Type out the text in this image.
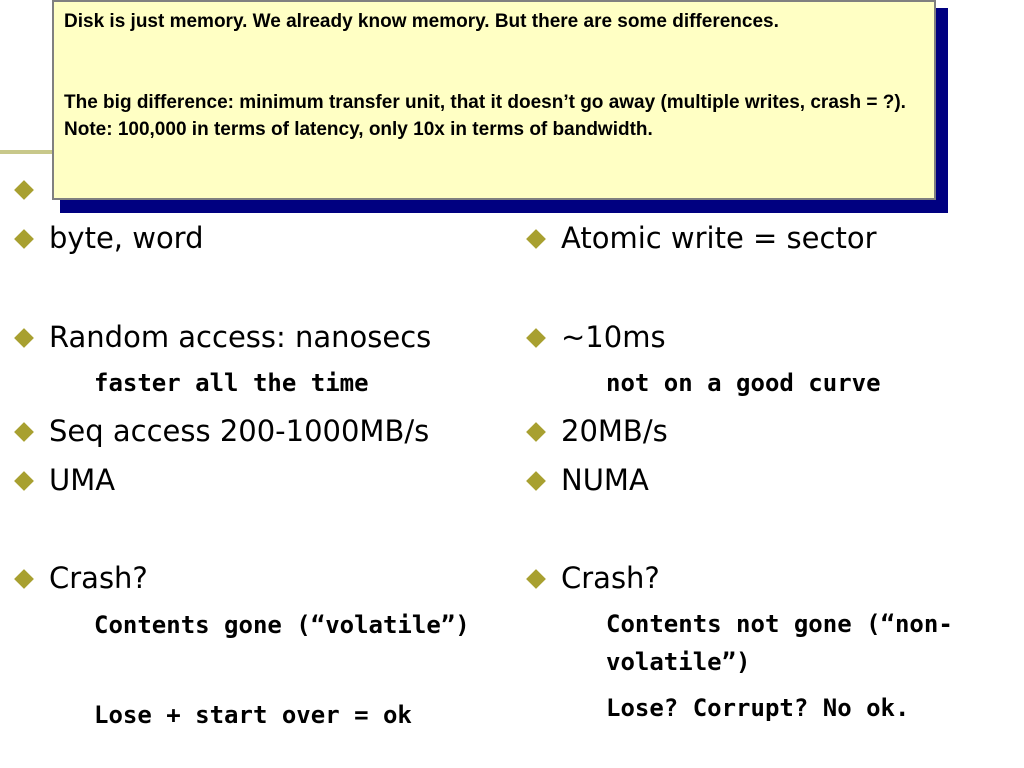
Disk is just memory. We already know memory. But there are some differences.

The big difference: minimum transfer unit, that it doesn’t go away (multiple writes, crash = ?). Note: 100,000 in terms of latency, only 10x in terms of bandwidth.

byte, word
Random access: nanosecs
faster all the time
Seq access 200-1000MB/s
UMA
Crash?
Contents gone (“volatile”)
Lose + start over = ok
Atomic write = sector
~10ms
not on a good curve
20MB/s
NUMA
Crash?
Contents not gone (“non-
volatile”)
Lose? Corrupt? No ok.
